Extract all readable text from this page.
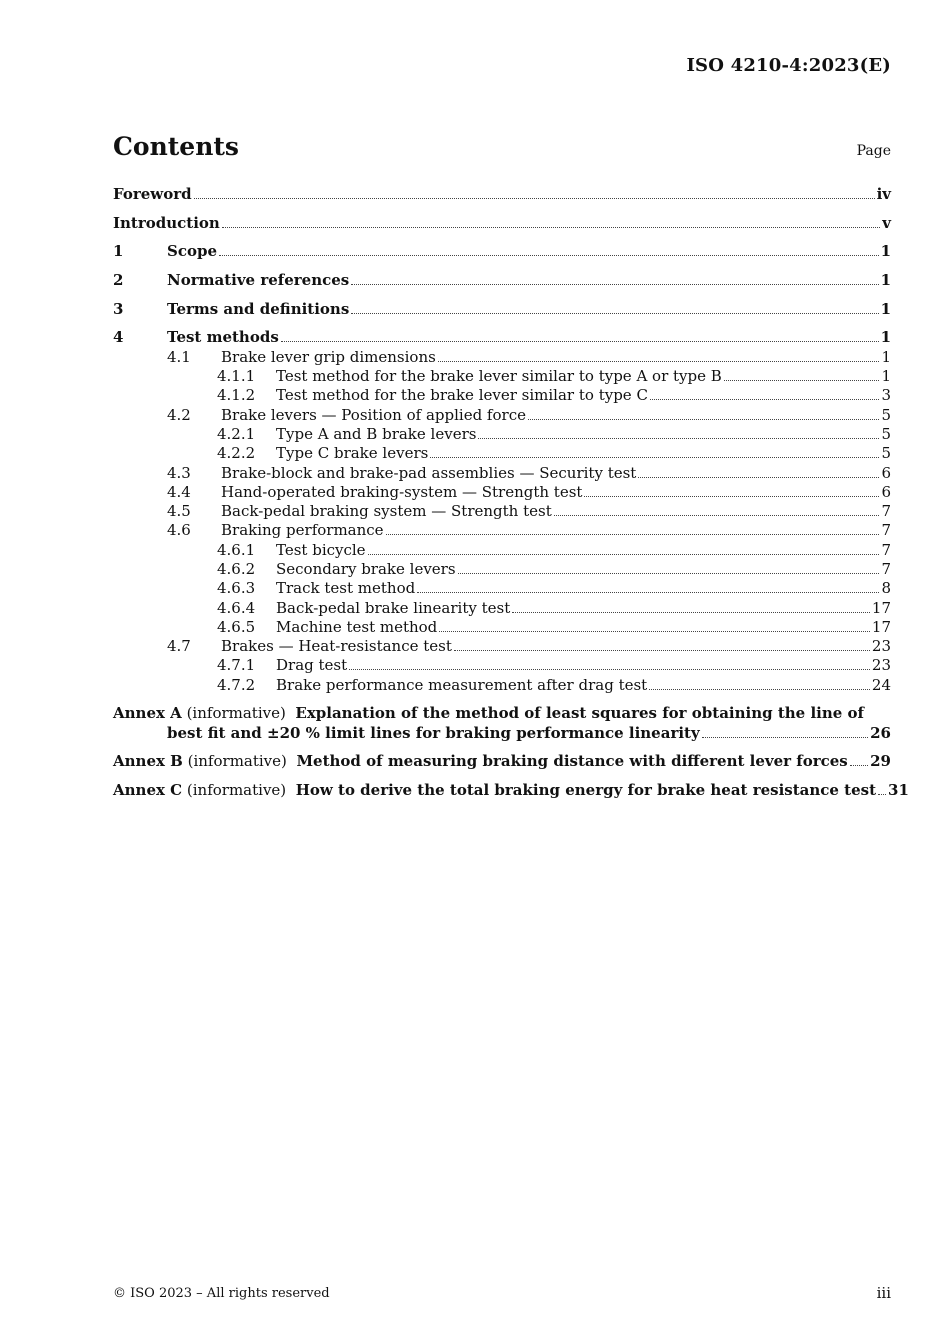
ISO 4210-4:2023(E)
Contents	Page
Foreword	iv
Introduction	v
1	Scope	1
2	Normative references	1
3	Terms and definitions	1
4	Test methods	1
4.1	Brake lever grip dimensions	1
4.1.1	Test method for the brake lever similar to type A or type B	1
4.1.2	Test method for the brake lever similar to type C	3
4.2	Brake levers — Position of applied force	5
4.2.1	Type A and B brake levers	5
4.2.2	Type C brake levers	5
4.3	Brake-block and brake-pad assemblies — Security test	6
4.4	Hand-operated braking-system — Strength test	6
4.5	Back-pedal braking system — Strength test	7
4.6	Braking performance	7
4.6.1	Test bicycle	7
4.6.2	Secondary brake levers	7
4.6.3	Track test method	8
4.6.4	Back-pedal brake linearity test	17
4.6.5	Machine test method	17
4.7	Brakes — Heat-resistance test	23
4.7.1	Drag test	23
4.7.2	Brake performance measurement after drag test	24
Annex A (informative) Explanation of the method of least squares for obtaining the line of
best fit and ±20 % limit lines for braking performance linearity	26
Annex B (informative) Method of measuring braking distance with different lever forces 29
Annex C (informative) How to derive the total braking energy for brake heat resistance test 31
© ISO 2023 – All rights reserved	iii
